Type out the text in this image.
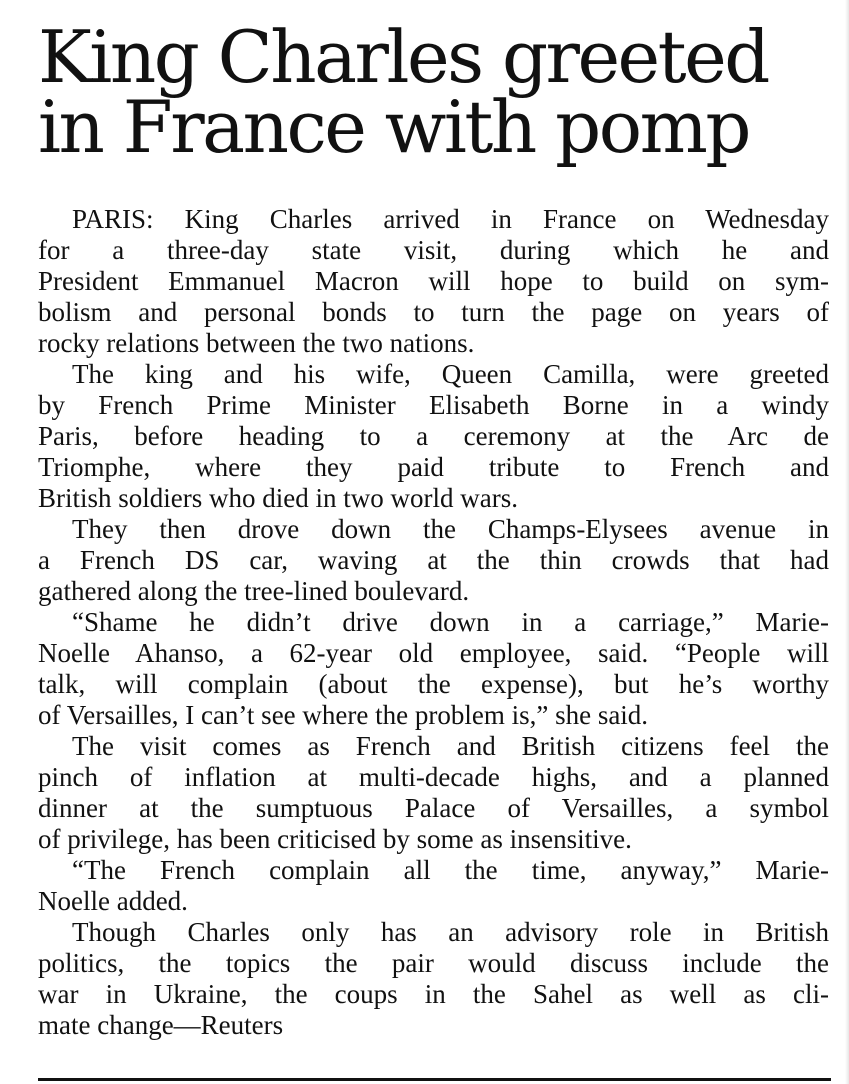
King Charles greeted
in France with pomp

PARIS: King Charles arrived in France on Wednesday
for a three-day state visit, during which he and
President Emmanuel Macron will hope to build on sym-
bolism and personal bonds to turn the page on years of
rocky relations between the two nations.

The king and his wife, Queen Camilla, were greeted
by French Prime Minister Elisabeth Borne in a windy
Paris, before heading to a ceremony at the Arc de
Triomphe, where they paid tribute to French and
British soldiers who died in two world wars.

They then drove down the Champs-Elysees avenue in
a French DS car, waving at the thin crowds that had
gathered along the tree-lined boulevard.

“Shame he didn’t drive down in a carriage,” Marie-
Noelle Ahanso, a 62-year old employee, said. “People will
talk, will complain (about the expense), but he’s worthy
of Versailles, I can’t see where the problem is,” she said.

The visit comes as French and British citizens feel the
pinch of inflation at multi-decade highs, and a planned
dinner at the sumptuous Palace of Versailles, a symbol
of privilege, has been criticised by some as insensitive.

“The French complain all the time, anyway,” Marie-
Noelle added.

Though Charles only has an advisory role in British
politics, the topics the pair would discuss include the
war in Ukraine, the coups in the Sahel as well as cli-
mate change—Reuters
